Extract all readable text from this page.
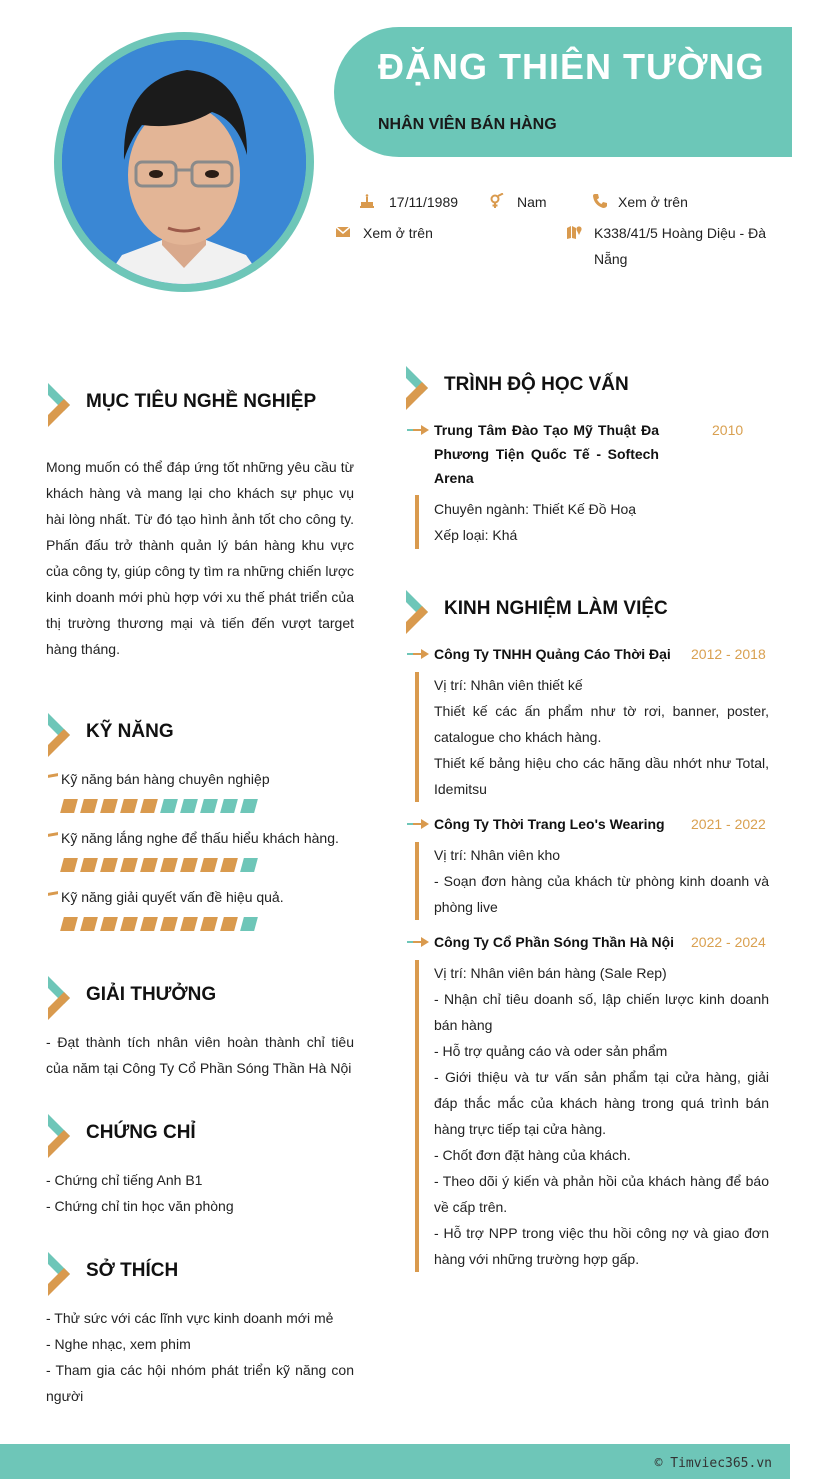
ĐẶNG THIÊN TƯỜNG
NHÂN VIÊN BÁN HÀNG
17/11/1989	Nam	Xem ở trên
Xem ở trên	K338/41/5 Hoàng Diệu - Đà
Nẵng
MỤC TIÊU NGHỀ NGHIỆP
Mong muốn có thể đáp ứng tốt những yêu cầu từ khách hàng và mang lại cho khách sự phục vụ hài lòng nhất. Từ đó tạo hình ảnh tốt cho công ty. Phấn đấu trở thành quản lý bán hàng khu vực của công ty, giúp công ty tìm ra những chiến lược kinh doanh mới phù hợp với xu thế phát triển của thị trường thương mại và tiến đến vượt target hàng tháng.
KỸ NĂNG
Kỹ năng bán hàng chuyên nghiệp
Kỹ năng lắng nghe để thấu hiểu khách hàng.
Kỹ năng giải quyết vấn đề hiệu quả.
GIẢI THƯỞNG
- Đạt thành tích nhân viên hoàn thành chỉ tiêu của năm tại Công Ty Cổ Phần Sóng Thần Hà Nội
CHỨNG CHỈ
- Chứng chỉ tiếng Anh B1
- Chứng chỉ tin học văn phòng
SỞ THÍCH
- Thử sức với các lĩnh vực kinh doanh mới mẻ
- Nghe nhạc, xem phim
- Tham gia các hội nhóm phát triển kỹ năng con người
TRÌNH ĐỘ HỌC VẤN
Trung Tâm Đào Tạo Mỹ Thuật Đa Phương Tiện Quốc Tế - Softech Arena
2010
Chuyên ngành: Thiết Kế Đồ Hoạ
Xếp loại: Khá
KINH NGHIỆM LÀM VIỆC
Công Ty TNHH Quảng Cáo Thời Đại 2012 - 2018
Vị trí: Nhân viên thiết kế
Thiết kế các ấn phẩm như tờ rơi, banner, poster, catalogue cho khách hàng.
Thiết kế bảng hiệu cho các hãng dầu nhớt như Total, Idemitsu
Công Ty Thời Trang Leo's Wearing 2021 - 2022
Vị trí: Nhân viên kho
- Soạn đơn hàng của khách từ phòng kinh doanh và phòng live
Công Ty Cổ Phần Sóng Thần Hà Nội 2022 - 2024
Vị trí: Nhân viên bán hàng (Sale Rep)
- Nhận chỉ tiêu doanh số, lập chiến lược kinh doanh bán hàng
- Hỗ trợ quảng cáo và oder sản phẩm
- Giới thiệu và tư vấn sản phẩm tại cửa hàng, giải đáp thắc mắc của khách hàng trong quá trình bán hàng trực tiếp tại cửa hàng.
- Chốt đơn đặt hàng của khách.
- Theo dõi ý kiến và phản hồi của khách hàng để báo về cấp trên.
- Hỗ trợ NPP trong việc thu hồi công nợ và giao đơn hàng với những trường hợp gấp.
© Timviec365.vn
